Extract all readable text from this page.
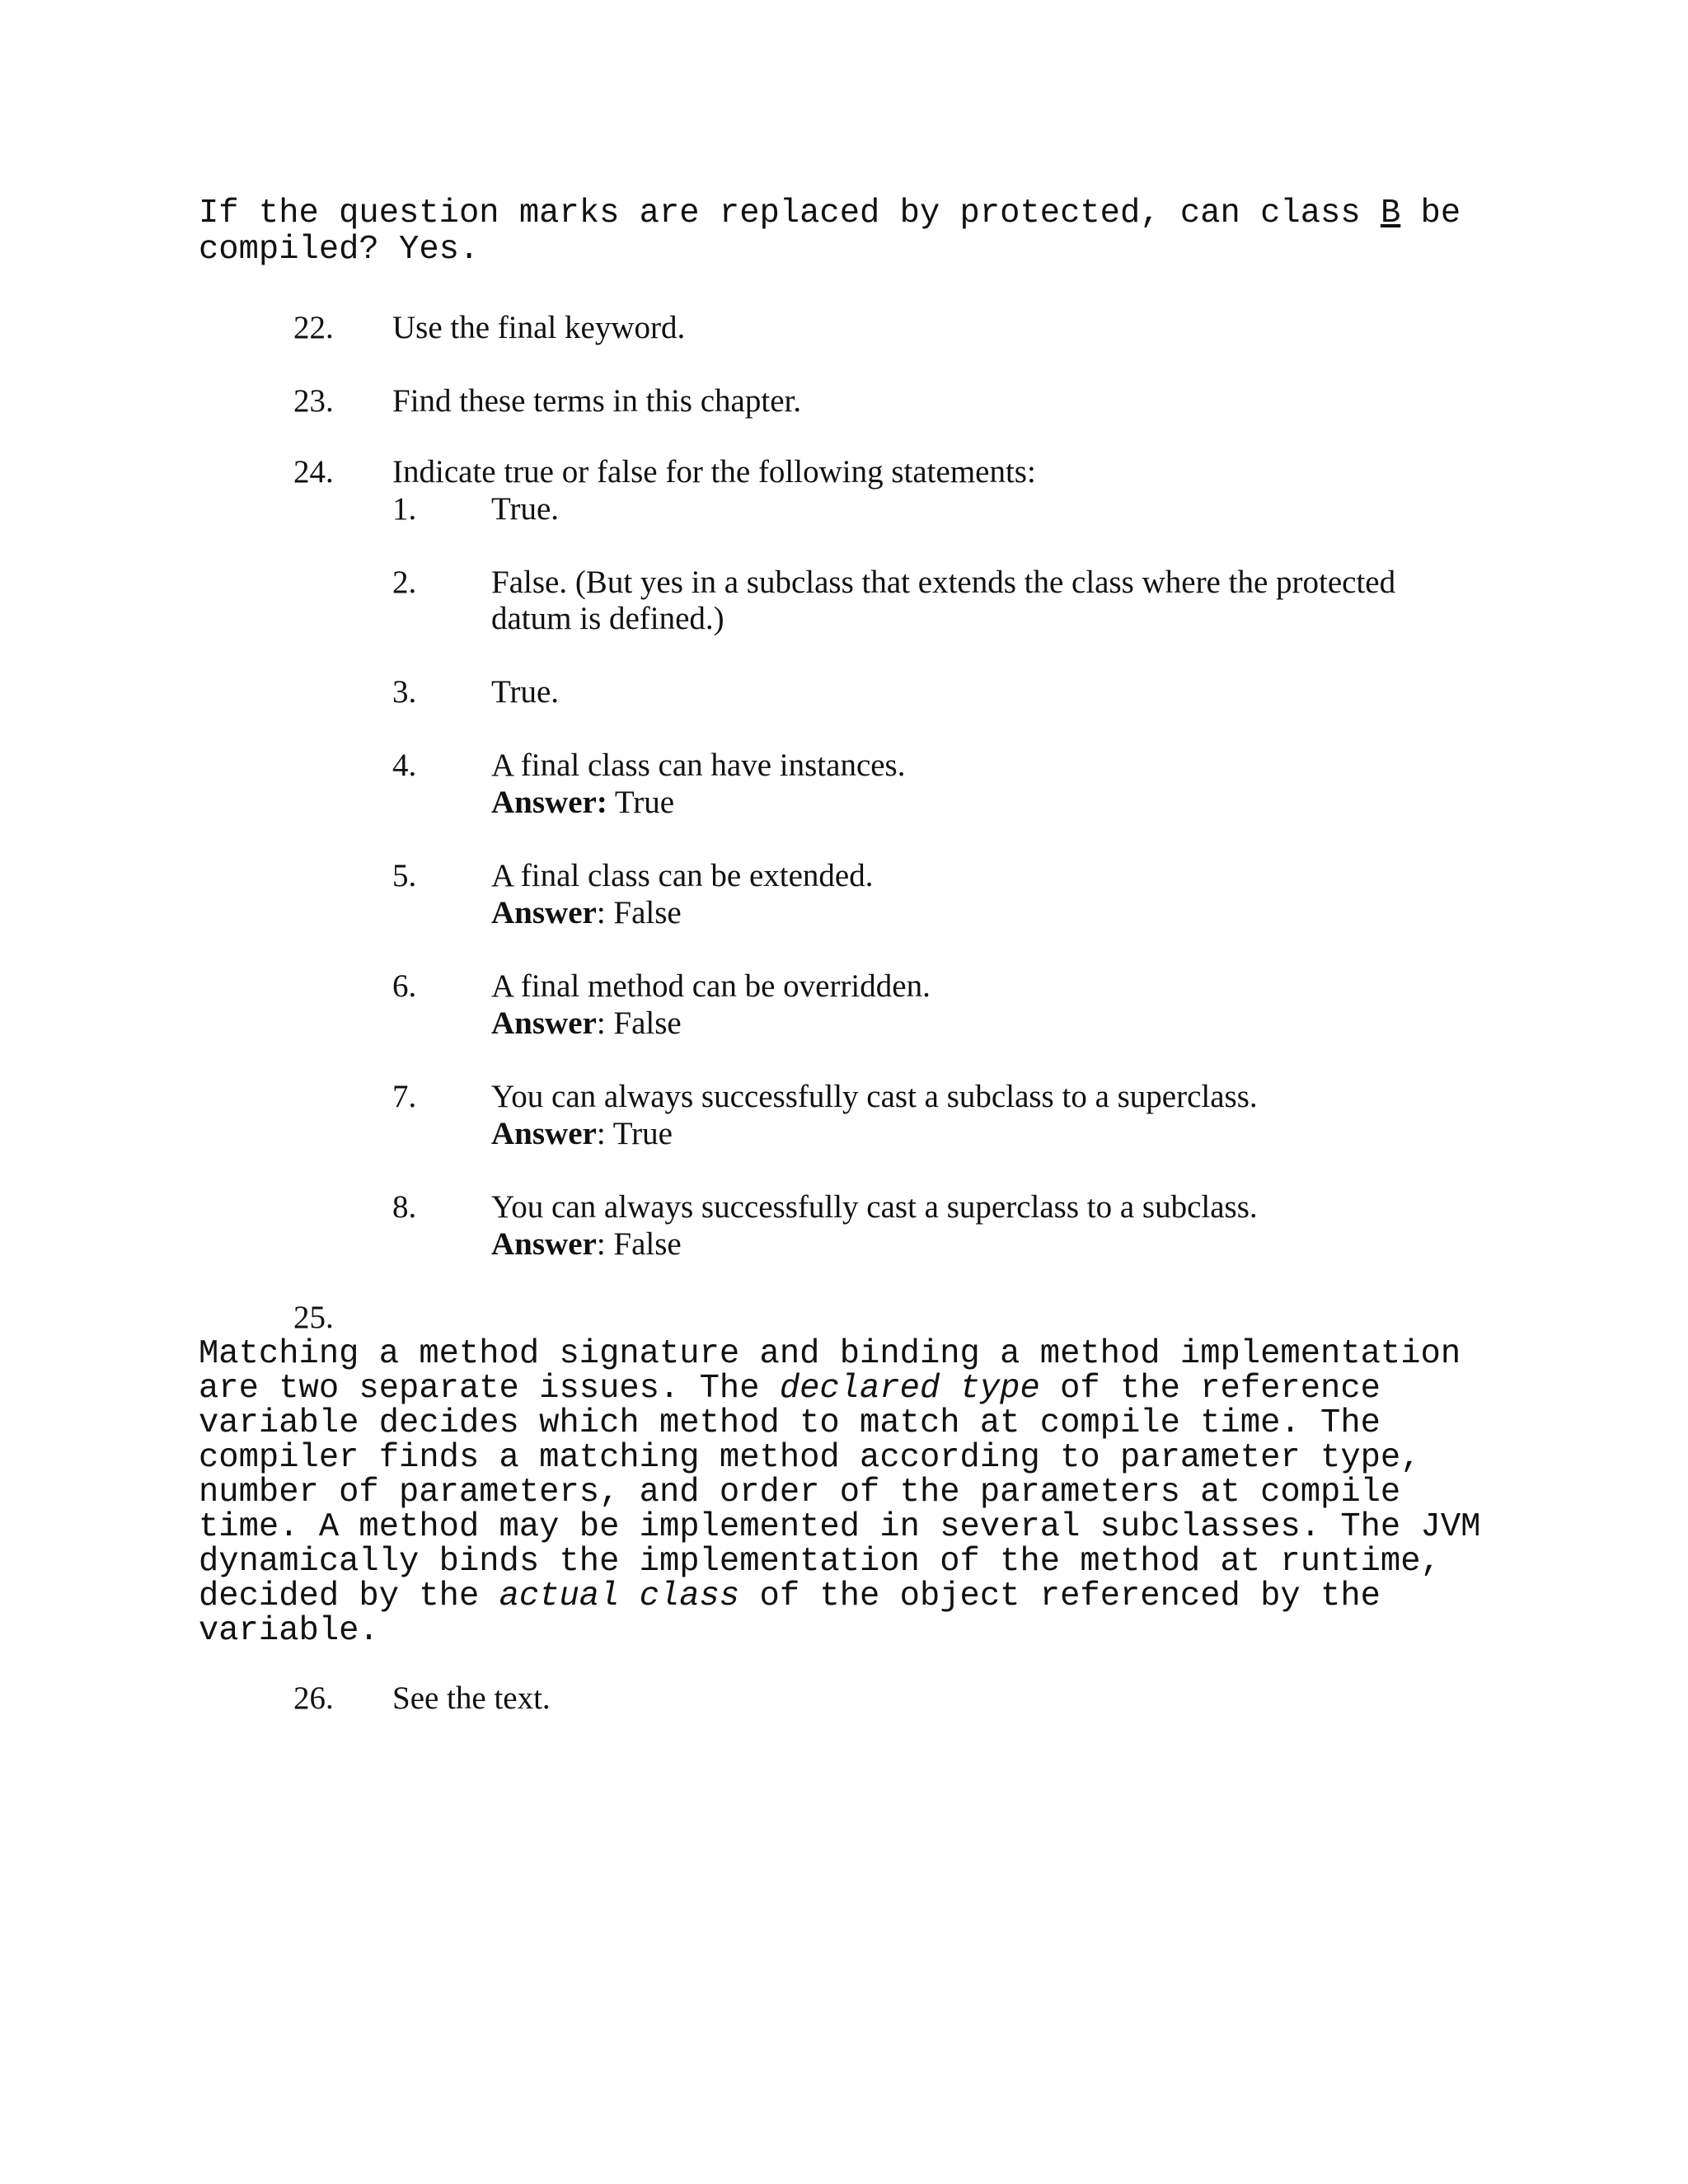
If the question marks are replaced by protected, can class B be

compiled? Yes.

22. Use the final keyword.

23. Find these terms in this chapter.

24. Indicate true or false for the following statements:

1. True.

2. False. (But yes in a subclass that extends the class where the protected

datum is defined.)

3. True.

4. A final class can have instances.

Answer: True

5. A final class can be extended.

Answer: False

6. A final method can be overridden.

Answer: False

7. You can always successfully cast a subclass to a superclass.

Answer: True

8. You can always successfully cast a superclass to a subclass.

Answer: False

25.

Matching a method signature and binding a method implementation

are two separate issues. The declared type of the reference

variable decides which method to match at compile time. The

compiler finds a matching method according to parameter type,

number of parameters, and order of the parameters at compile

time. A method may be implemented in several subclasses. The JVM

dynamically binds the implementation of the method at runtime,

decided by the actual class of the object referenced by the

variable.

26. See the text.
